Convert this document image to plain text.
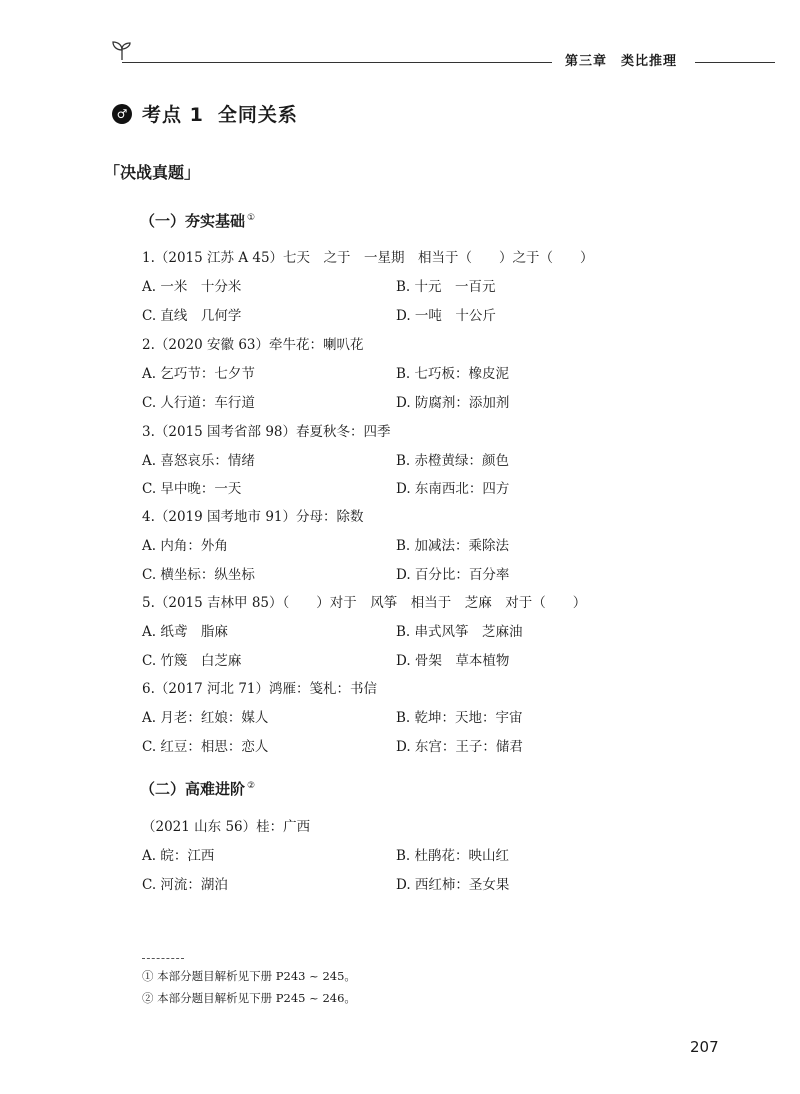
第三章 类比推理
♂ 考点 1 全同关系
「决战真题」
（一）夯实基础 ①
1.（2015 江苏 A 45）七天　之于　一星期　相当于（　　）之于（　　）
A. 一米　十分米	B. 十元　一百元
C. 直线　几何学	D. 一吨　十公斤
2.（2020 安徽 63）牵牛花：喇叭花
A. 乞巧节：七夕节	B. 七巧板：橡皮泥
C. 人行道：车行道	D. 防腐剂：添加剂
3.（2015 国考省部 98）春夏秋冬：四季
A. 喜怒哀乐：情绪	B. 赤橙黄绿：颜色
C. 早中晚：一天	D. 东南西北：四方
4.（2019 国考地市 91）分母：除数
A. 内角：外角	B. 加减法：乘除法
C. 横坐标：纵坐标	D. 百分比：百分率
5.（2015 吉林甲 85）（　　）对于　风筝　相当于　芝麻　对于（　　）
A. 纸鸢　脂麻	B. 串式风筝　芝麻油
C. 竹篾　白芝麻	D. 骨架　草本植物
6.（2017 河北 71）鸿雁：笺札：书信
A. 月老：红娘：媒人	B. 乾坤：天地：宇宙
C. 红豆：相思：恋人	D. 东宫：王子：储君
（二）高难进阶 ②
（2021 山东 56）桂：广西
A. 皖：江西	B. 杜鹃花：映山红
C. 河流：湖泊	D. 西红柿：圣女果
① 本部分题目解析见下册 P243 ~ 245。
② 本部分题目解析见下册 P245 ~ 246。
207
